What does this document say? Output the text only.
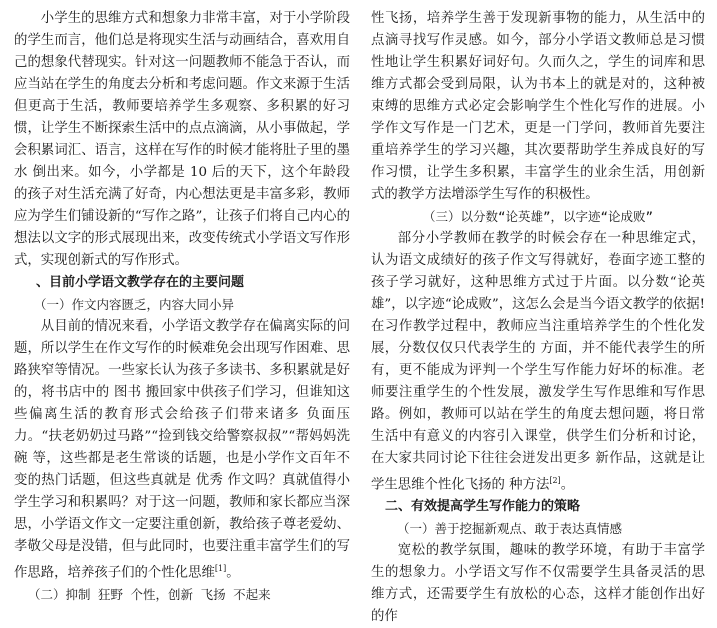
小学生的思维方式和想象力非常丰富，对于小学阶段的学生而言，他们总是将现实生活与动画结合，喜欢用自己的想象代替现实。针对这一问题教师不能急于否认，而应当站在学生的角度去分析和考虑问题。作文来源于生活但更高于生活，教师要培养学生多观察、多积累的好习惯，让学生不断探索生活中的点点滴滴，从小事做起，学会积累词汇、语言，这样在写作的时候才能将肚子里的墨水 倒出来。如今，小学都是 10 后的天下，这个年龄段的孩子对生活充满了好奇，内心想法更是丰富多彩，教师应为学生们铺设新的“写作之路”，让孩子们将自己内心的想法以文字的形式展现出来，改变传统式小学语文写作形式，实现创新式的写作形式。

、目前小学语文教学存在的主要问题

（一）作文内容匮乏，内容大同小异

从目前的情况来看，小学语文教学存在偏离实际的问题，所以学生在作文写作的时候难免会出现写作困难、思路狭窄等情况。一些家长认为孩子多读书、多积累就是好的，将书店中的 图书 搬回家中供孩子们学习，但谁知这些偏离生活的教育形式会给孩子们带来诸多 负面压力。“扶老奶奶过马路”“捡到钱交给警察叔叔”“帮妈妈洗碗 等，这些都是老生常谈的话题，也是小学作文百年不变的热门话题，但这些真就是 优秀 作文吗？真就值得小学生学习和积累吗？对于这一问题，教师和家长都应当深思，小学语文作文一定要注重创新，教给孩子尊老爱幼、孝敬父母是没错，但与此同时，也要注重丰富学生们的写作思路，培养孩子们的个性化思维[1]。

（二）抑制 狂野 个性，创新 飞扬 不起来

性飞扬，培养学生善于发现新事物的能力，从生活中的点滴寻找写作灵感。如今，部分小学语文教师总是习惯性地让学生积累好词好句。久而久之，学生的词库和思维方式都会受到局限，认为书本上的就是对的，这种被束缚的思维方式必定会影响学生个性化写作的进展。小学作文写作是一门艺术，更是一门学问，教师首先要注重培养学生的学习兴趣，其次要帮助学生养成良好的写作习惯，让学生多积累，丰富学生的业余生活，用创新式的教学方法增添学生写作的积极性。

（三）以分数“论英雄”，以字迹“论成败”

部分小学教师在教学的时候会存在一种思维定式，认为语文成绩好的孩子作文写得就好，卷面字迹工整的孩子学习就好，这种思维方式过于片面。以分数“论英雄”，以字迹“论成败”，这怎么会是当今语文教学的依据!在习作教学过程中，教师应当注重培养学生的个性化发展，分数仅仅只代表学生的 方面，并不能代表学生的所有，更不能成为评判一个学生写作能力好坏的标准。老师要注重学生的个性发展，激发学生写作思维和写作思路。例如，教师可以站在学生的角度去想问题，将日常生活中有意义的内容引入课堂，供学生们分析和讨论，在大家共同讨论下往往会迸发出更多 新作品，这就是让学生思维个性化飞扬的 种方法[2]。

二、有效提高学生写作能力的策略

（一）善于挖掘新观点、敢于表达真情感

宽松的教学氛围，趣味的教学环境，有助于丰富学生的想象力。小学语文写作不仅需要学生具备灵活的思维方式，还需要学生有放松的心态，这样才能创作出好的作
